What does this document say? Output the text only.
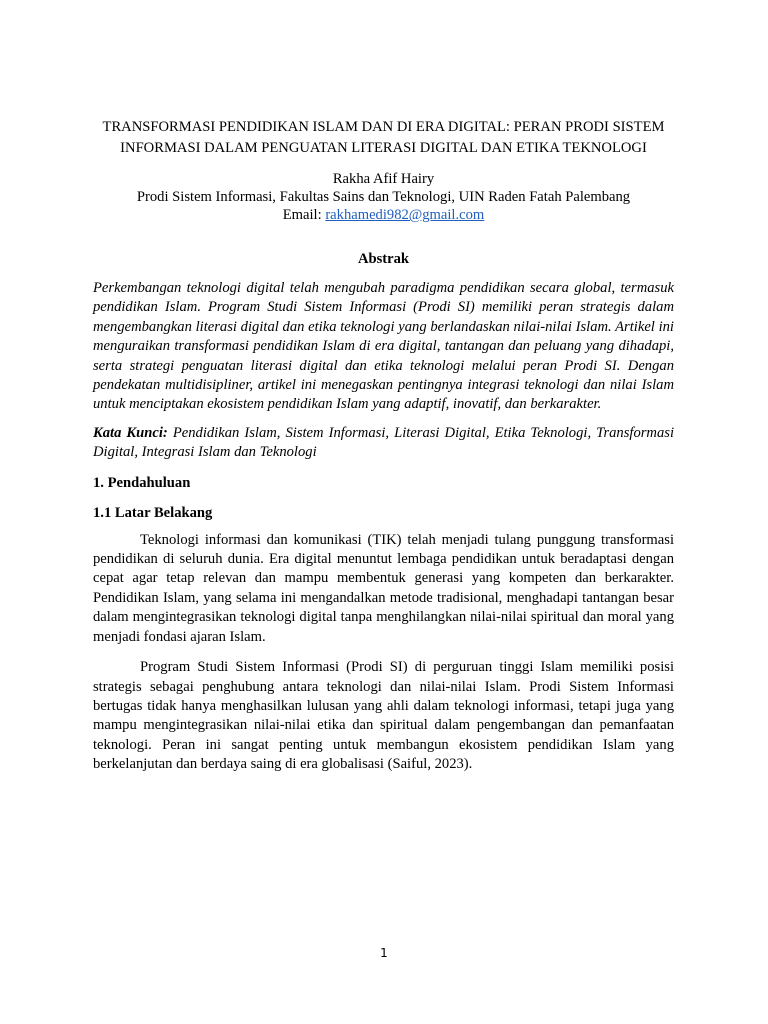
TRANSFORMASI PENDIDIKAN ISLAM DAN DI ERA DIGITAL: PERAN PRODI SISTEM INFORMASI DALAM PENGUATAN LITERASI DIGITAL DAN ETIKA TEKNOLOGI

Rakha Afif Hairy
Prodi Sistem Informasi, Fakultas Sains dan Teknologi, UIN Raden Fatah Palembang
Email: rakhamedi982@gmail.com
Abstrak
Perkembangan teknologi digital telah mengubah paradigma pendidikan secara global, termasuk pendidikan Islam. Program Studi Sistem Informasi (Prodi SI) memiliki peran strategis dalam mengembangkan literasi digital dan etika teknologi yang berlandaskan nilai-nilai Islam. Artikel ini menguraikan transformasi pendidikan Islam di era digital, tantangan dan peluang yang dihadapi, serta strategi penguatan literasi digital dan etika teknologi melalui peran Prodi SI. Dengan pendekatan multidisipliner, artikel ini menegaskan pentingnya integrasi teknologi dan nilai Islam untuk menciptakan ekosistem pendidikan Islam yang adaptif, inovatif, dan berkarakter.
Kata Kunci: Pendidikan Islam, Sistem Informasi, Literasi Digital, Etika Teknologi, Transformasi Digital, Integrasi Islam dan Teknologi
1. Pendahuluan
1.1 Latar Belakang
Teknologi informasi dan komunikasi (TIK) telah menjadi tulang punggung transformasi pendidikan di seluruh dunia. Era digital menuntut lembaga pendidikan untuk beradaptasi dengan cepat agar tetap relevan dan mampu membentuk generasi yang kompeten dan berkarakter. Pendidikan Islam, yang selama ini mengandalkan metode tradisional, menghadapi tantangan besar dalam mengintegrasikan teknologi digital tanpa menghilangkan nilai-nilai spiritual dan moral yang menjadi fondasi ajaran Islam.
Program Studi Sistem Informasi (Prodi SI) di perguruan tinggi Islam memiliki posisi strategis sebagai penghubung antara teknologi dan nilai-nilai Islam. Prodi Sistem Informasi bertugas tidak hanya menghasilkan lulusan yang ahli dalam teknologi informasi, tetapi juga yang mampu mengintegrasikan nilai-nilai etika dan spiritual dalam pengembangan dan pemanfaatan teknologi. Peran ini sangat penting untuk membangun ekosistem pendidikan Islam yang berkelanjutan dan berdaya saing di era globalisasi (Saiful, 2023).
1
